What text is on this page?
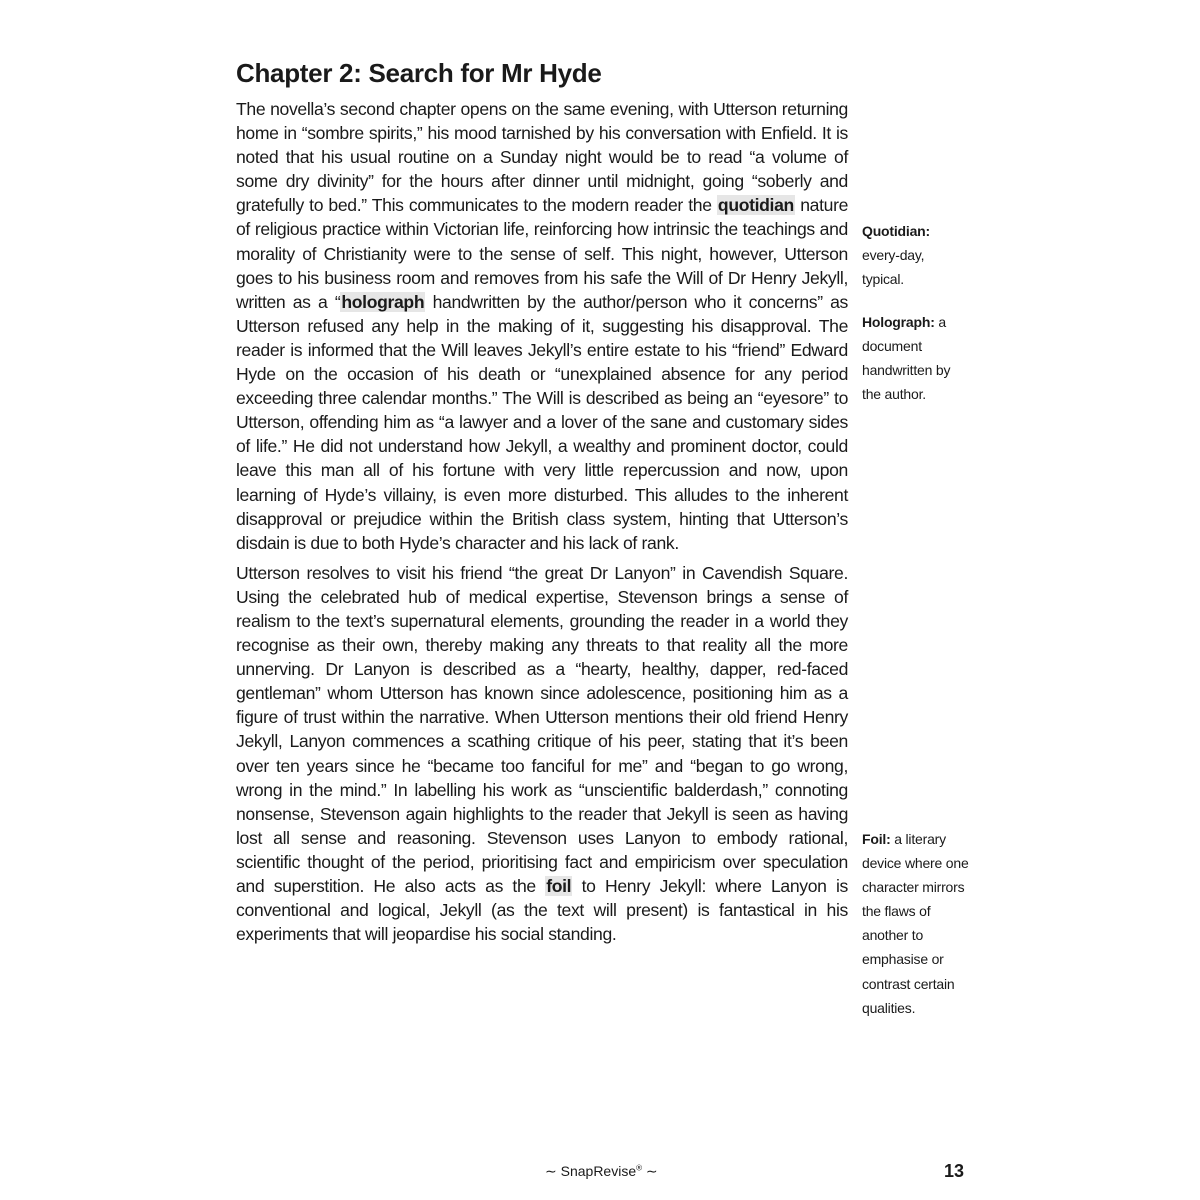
Chapter 2: Search for Mr Hyde

The novella’s second chapter opens on the same evening, with Utterson returning home in “sombre spirits,” his mood tarnished by his conversation with Enfield. It is noted that his usual routine on a Sunday night would be to read “a volume of some dry divinity” for the hours after dinner until midnight, going “soberly and gratefully to bed.” This communicates to the modern reader the quotidian nature of religious practice within Victorian life, reinforcing how intrinsic the teachings and morality of Christianity were to the sense of self. This night, however, Utterson goes to his business room and removes from his safe the Will of Dr Henry Jekyll, written as a “holograph handwritten by the author/person who it concerns” as Utterson refused any help in the making of it, suggesting his disapproval. The reader is informed that the Will leaves Jekyll’s entire estate to his “friend” Edward Hyde on the occasion of his death or “unexplained absence for any period exceeding three calendar months.” The Will is described as being an “eyesore” to Utterson, offending him as “a lawyer and a lover of the sane and customary sides of life.” He did not understand how Jekyll, a wealthy and prominent doctor, could leave this man all of his fortune with very little repercussion and now, upon learning of Hyde’s villainy, is even more disturbed. This alludes to the inherent disapproval or prejudice within the British class system, hinting that Utterson’s disdain is due to both Hyde’s character and his lack of rank.

Utterson resolves to visit his friend “the great Dr Lanyon” in Cavendish Square. Using the celebrated hub of medical expertise, Stevenson brings a sense of realism to the text’s supernatural elements, grounding the reader in a world they recognise as their own, thereby making any threats to that reality all the more unnerving. Dr Lanyon is described as a “hearty, healthy, dapper, red-faced gentleman” whom Utterson has known since adolescence, positioning him as a figure of trust within the narrative. When Utterson mentions their old friend Henry Jekyll, Lanyon commences a scathing critique of his peer, stating that it’s been over ten years since he “became too fanciful for me” and “began to go wrong, wrong in the mind.” In labelling his work as “unscientific balderdash,” connoting nonsense, Stevenson again highlights to the reader that Jekyll is seen as having lost all sense and reasoning. Stevenson uses Lanyon to embody rational, scientific thought of the period, prioritising fact and empiricism over speculation and superstition. He also acts as the foil to Henry Jekyll: where Lanyon is conventional and logical, Jekyll (as the text will present) is fantastical in his experiments that will jeopardise his social standing.

Quotidian:
every-day, typical.
Holograph: a document handwritten by the author.
Foil: a literary device where one character mirrors the flaws of another to emphasise or contrast certain qualities.
∼ SnapRevise® ∼	13
